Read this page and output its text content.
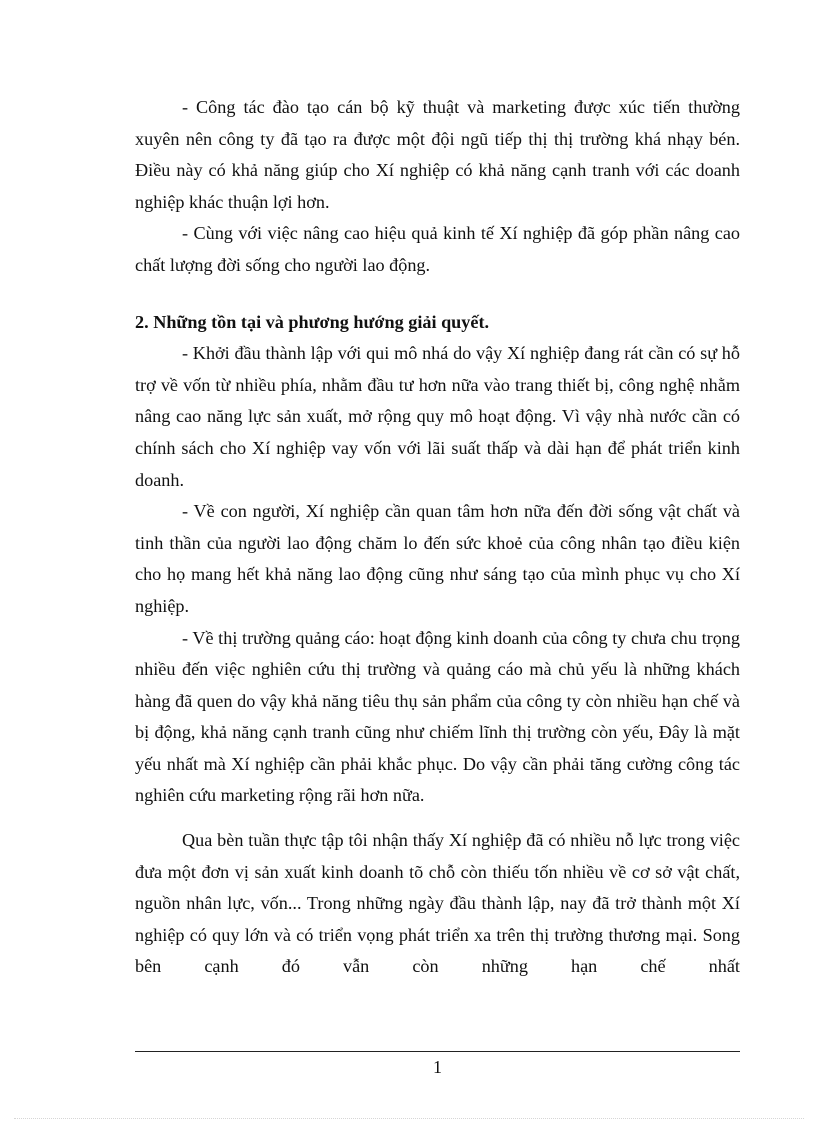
- Công tác đào tạo cán bộ kỹ thuật và marketing được xúc tiến thường xuyên nên công ty đã tạo ra được một đội ngũ tiếp thị thị trường khá nhạy bén. Điều này có khả năng giúp cho Xí nghiệp có khả năng cạnh tranh với các doanh nghiệp khác thuận lợi hơn.

- Cùng với việc nâng cao hiệu quả kinh tế Xí nghiệp đã góp phần nâng cao chất lượng đời sống cho người lao động.

2. Những tồn tại và phương hướng giải quyết.

- Khởi đầu thành lập với qui mô nhá do vậy Xí nghiệp đang rát cần có sự hỗ trợ về vốn từ nhiều phía, nhằm đầu tư hơn nữa vào trang thiết bị, công nghệ nhằm nâng cao năng lực sản xuất, mở rộng quy mô hoạt động. Vì vậy nhà nước cần có chính sách cho Xí nghiệp vay vốn với lãi suất thấp và dài hạn để phát triển kinh doanh.

- Về con người, Xí nghiệp cần quan tâm hơn nữa đến đời sống vật chất và tinh thần của người lao động chăm lo đến sức khoẻ của công nhân tạo điều kiện cho họ mang hết khả năng lao động cũng như sáng tạo của mình phục vụ cho Xí nghiệp.

- Về thị trường quảng cáo: hoạt động kinh doanh của công ty chưa chu trọng nhiều đến việc nghiên cứu thị trường và quảng cáo mà chủ yếu là những khách hàng đã quen do vậy khả năng tiêu thụ sản phẩm của công ty còn nhiều hạn chế và bị động, khả năng cạnh tranh cũng như chiếm lĩnh thị trường còn yếu, Đây là mặt yếu nhất mà Xí nghiệp cần phải khắc phục. Do vậy cần phải tăng cường công tác nghiên cứu marketing rộng rãi hơn nữa.

Qua bèn tuần thực tập tôi nhận thấy Xí nghiệp đã có nhiều nỗ lực trong việc đưa một đơn vị sản xuất kinh doanh tõ chỗ còn thiếu tốn nhiều về cơ sở vật chất, nguồn nhân lực, vốn... Trong những ngày đầu thành lập, nay đã trở thành một Xí nghiệp có quy lớn và có triển vọng phát triển xa trên thị trường thương mại. Song bên cạnh đó vẫn còn những hạn chế nhất

1
